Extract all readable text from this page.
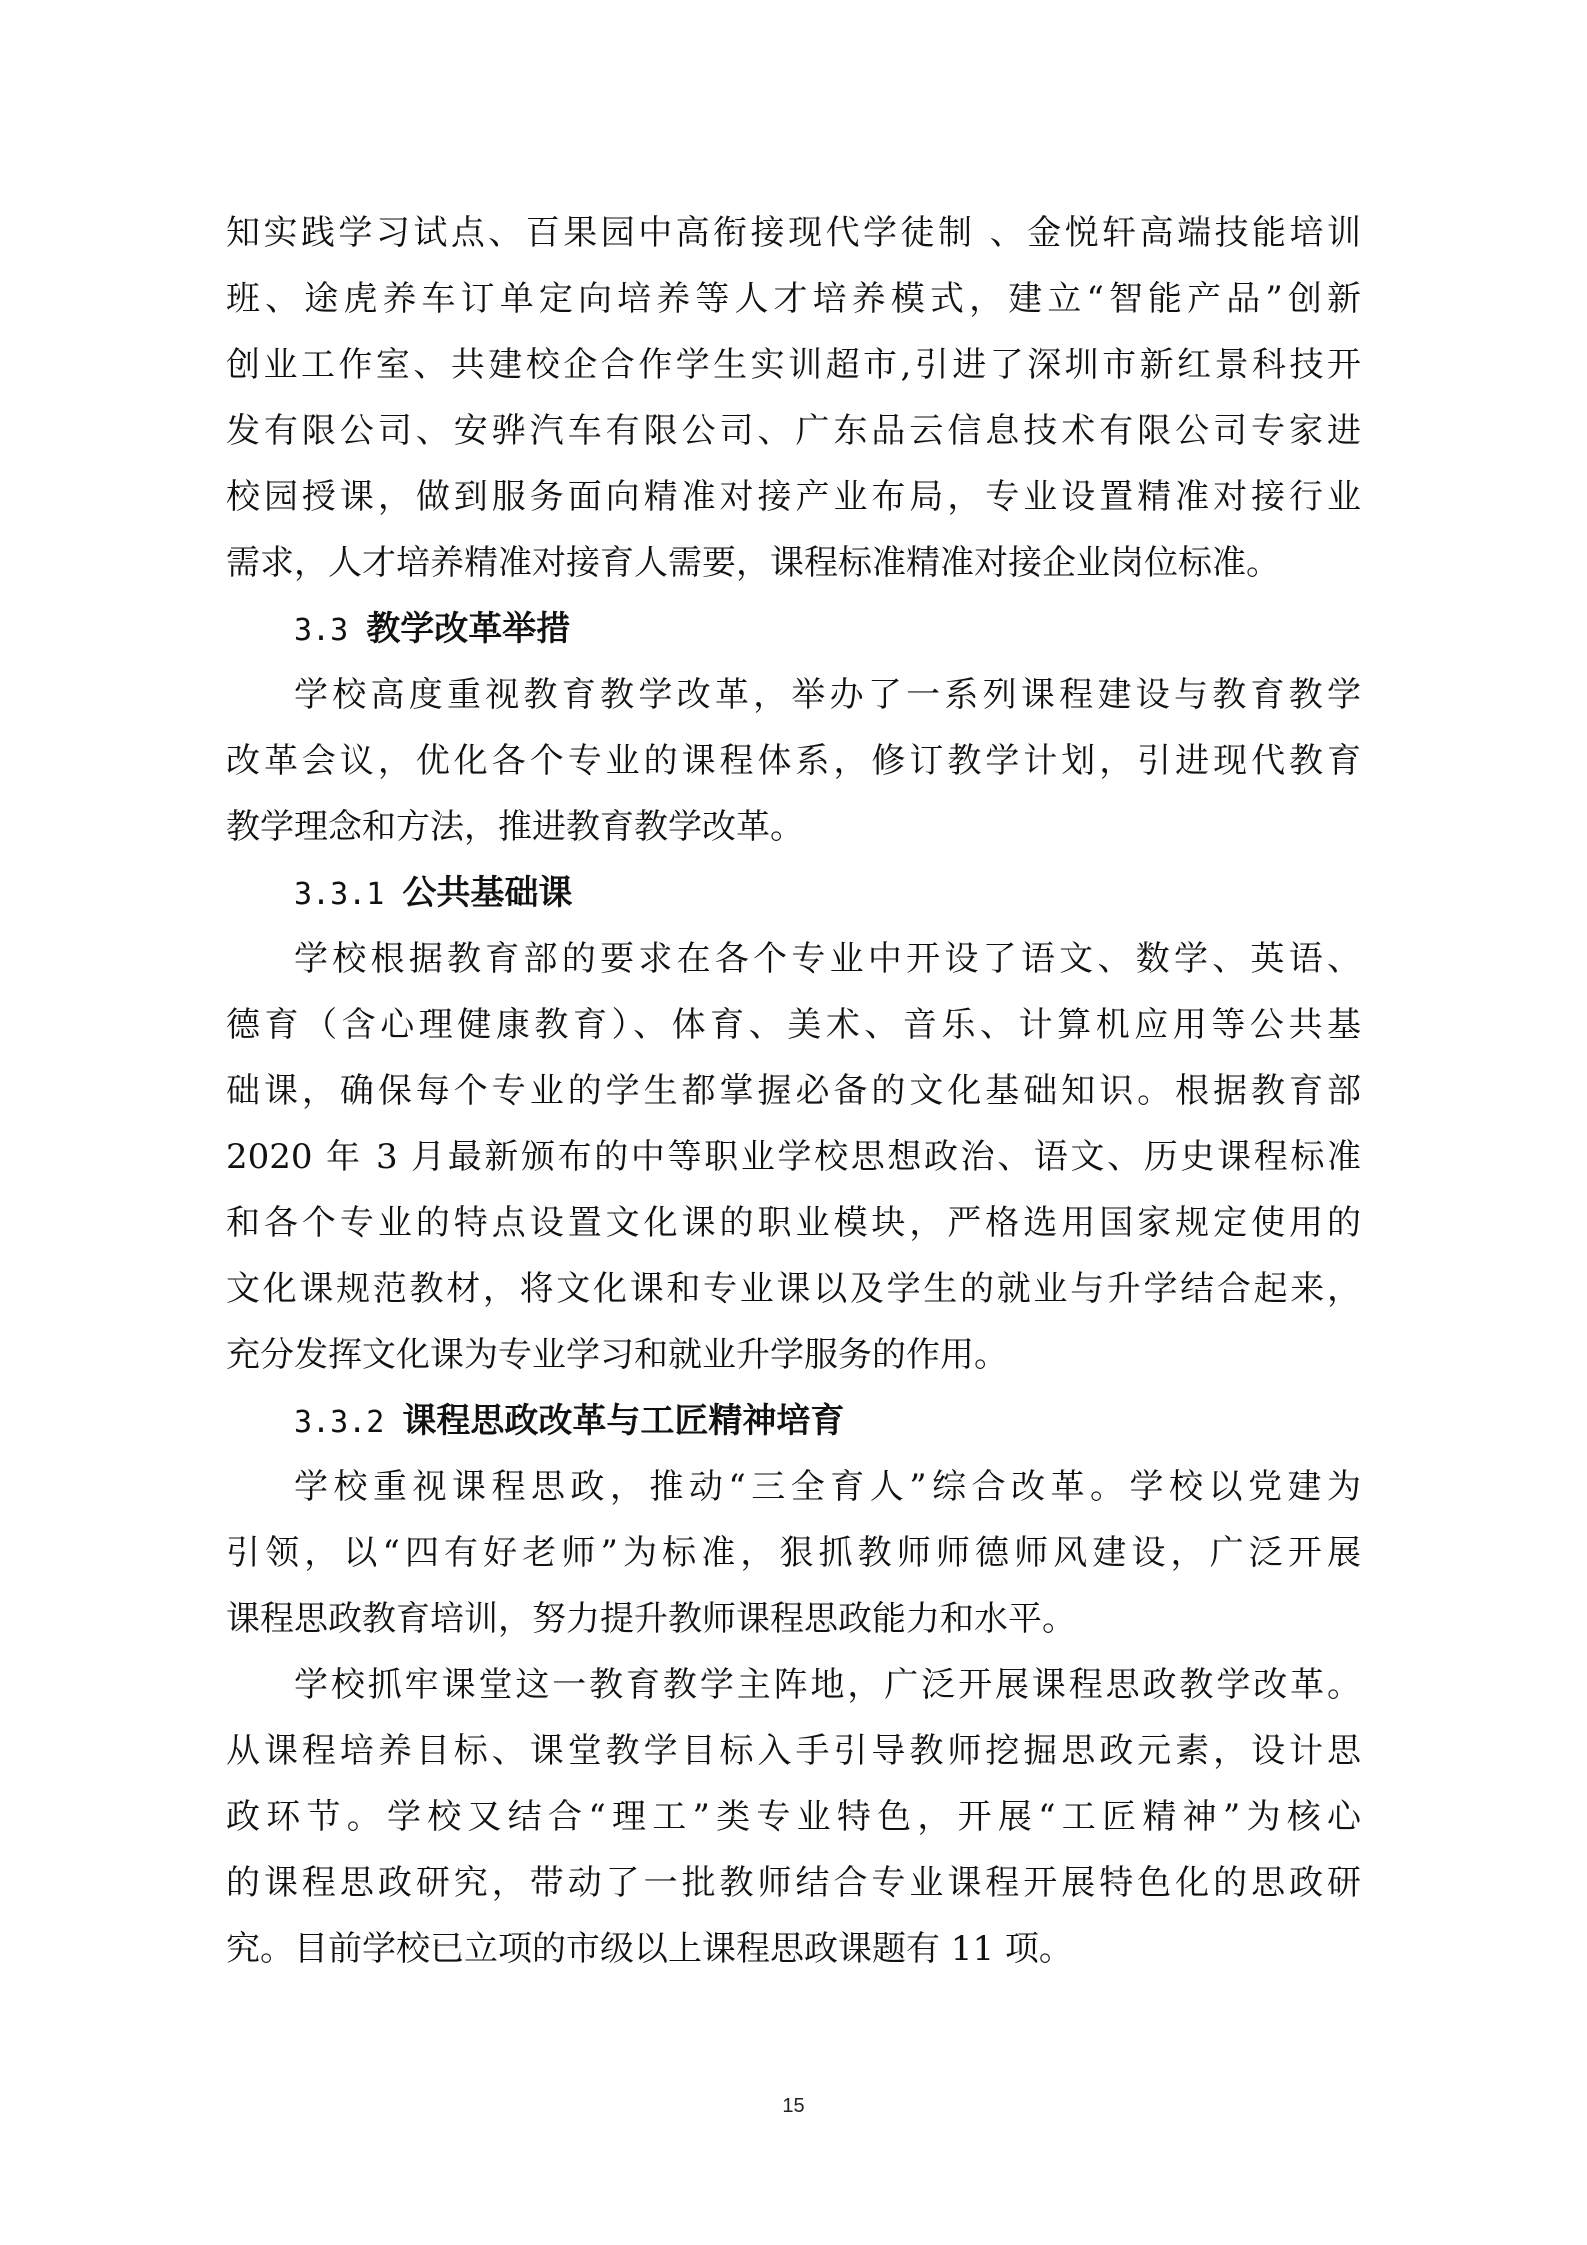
知实践学习试点、百果园中高衔接现代学徒制 、金悦轩高端技能培训
班、途虎养车订单定向培养等人才培养模式，建立“智能产品”创新
创业工作室、共建校企合作学生实训超市,引进了深圳市新红景科技开
发有限公司、安骅汽车有限公司、广东品云信息技术有限公司专家进
校园授课，做到服务面向精准对接产业布局，专业设置精准对接行业
需求，人才培养精准对接育人需要，课程标准精准对接企业岗位标准。
3.3 教学改革举措
学校高度重视教育教学改革，举办了一系列课程建设与教育教学
改革会议，优化各个专业的课程体系，修订教学计划，引进现代教育
教学理念和方法，推进教育教学改革。
3.3.1 公共基础课
学校根据教育部的要求在各个专业中开设了语文、数学、英语、
德育（含心理健康教育）、体育、美术、音乐、计算机应用等公共基
础课，确保每个专业的学生都掌握必备的文化基础知识。根据教育部
2020 年 3 月最新颁布的中等职业学校思想政治、语文、历史课程标准
和各个专业的特点设置文化课的职业模块，严格选用国家规定使用的
文化课规范教材，将文化课和专业课以及学生的就业与升学结合起来，
充分发挥文化课为专业学习和就业升学服务的作用。
3.3.2 课程思政改革与工匠精神培育
学校重视课程思政，推动“三全育人”综合改革。学校以党建为
引领，以“四有好老师”为标准，狠抓教师师德师风建设，广泛开展
课程思政教育培训，努力提升教师课程思政能力和水平。
学校抓牢课堂这一教育教学主阵地，广泛开展课程思政教学改革。
从课程培养目标、课堂教学目标入手引导教师挖掘思政元素，设计思
政环节。学校又结合“理工”类专业特色，开展“工匠精神”为核心
的课程思政研究，带动了一批教师结合专业课程开展特色化的思政研
究。目前学校已立项的市级以上课程思政课题有 11 项。
15
